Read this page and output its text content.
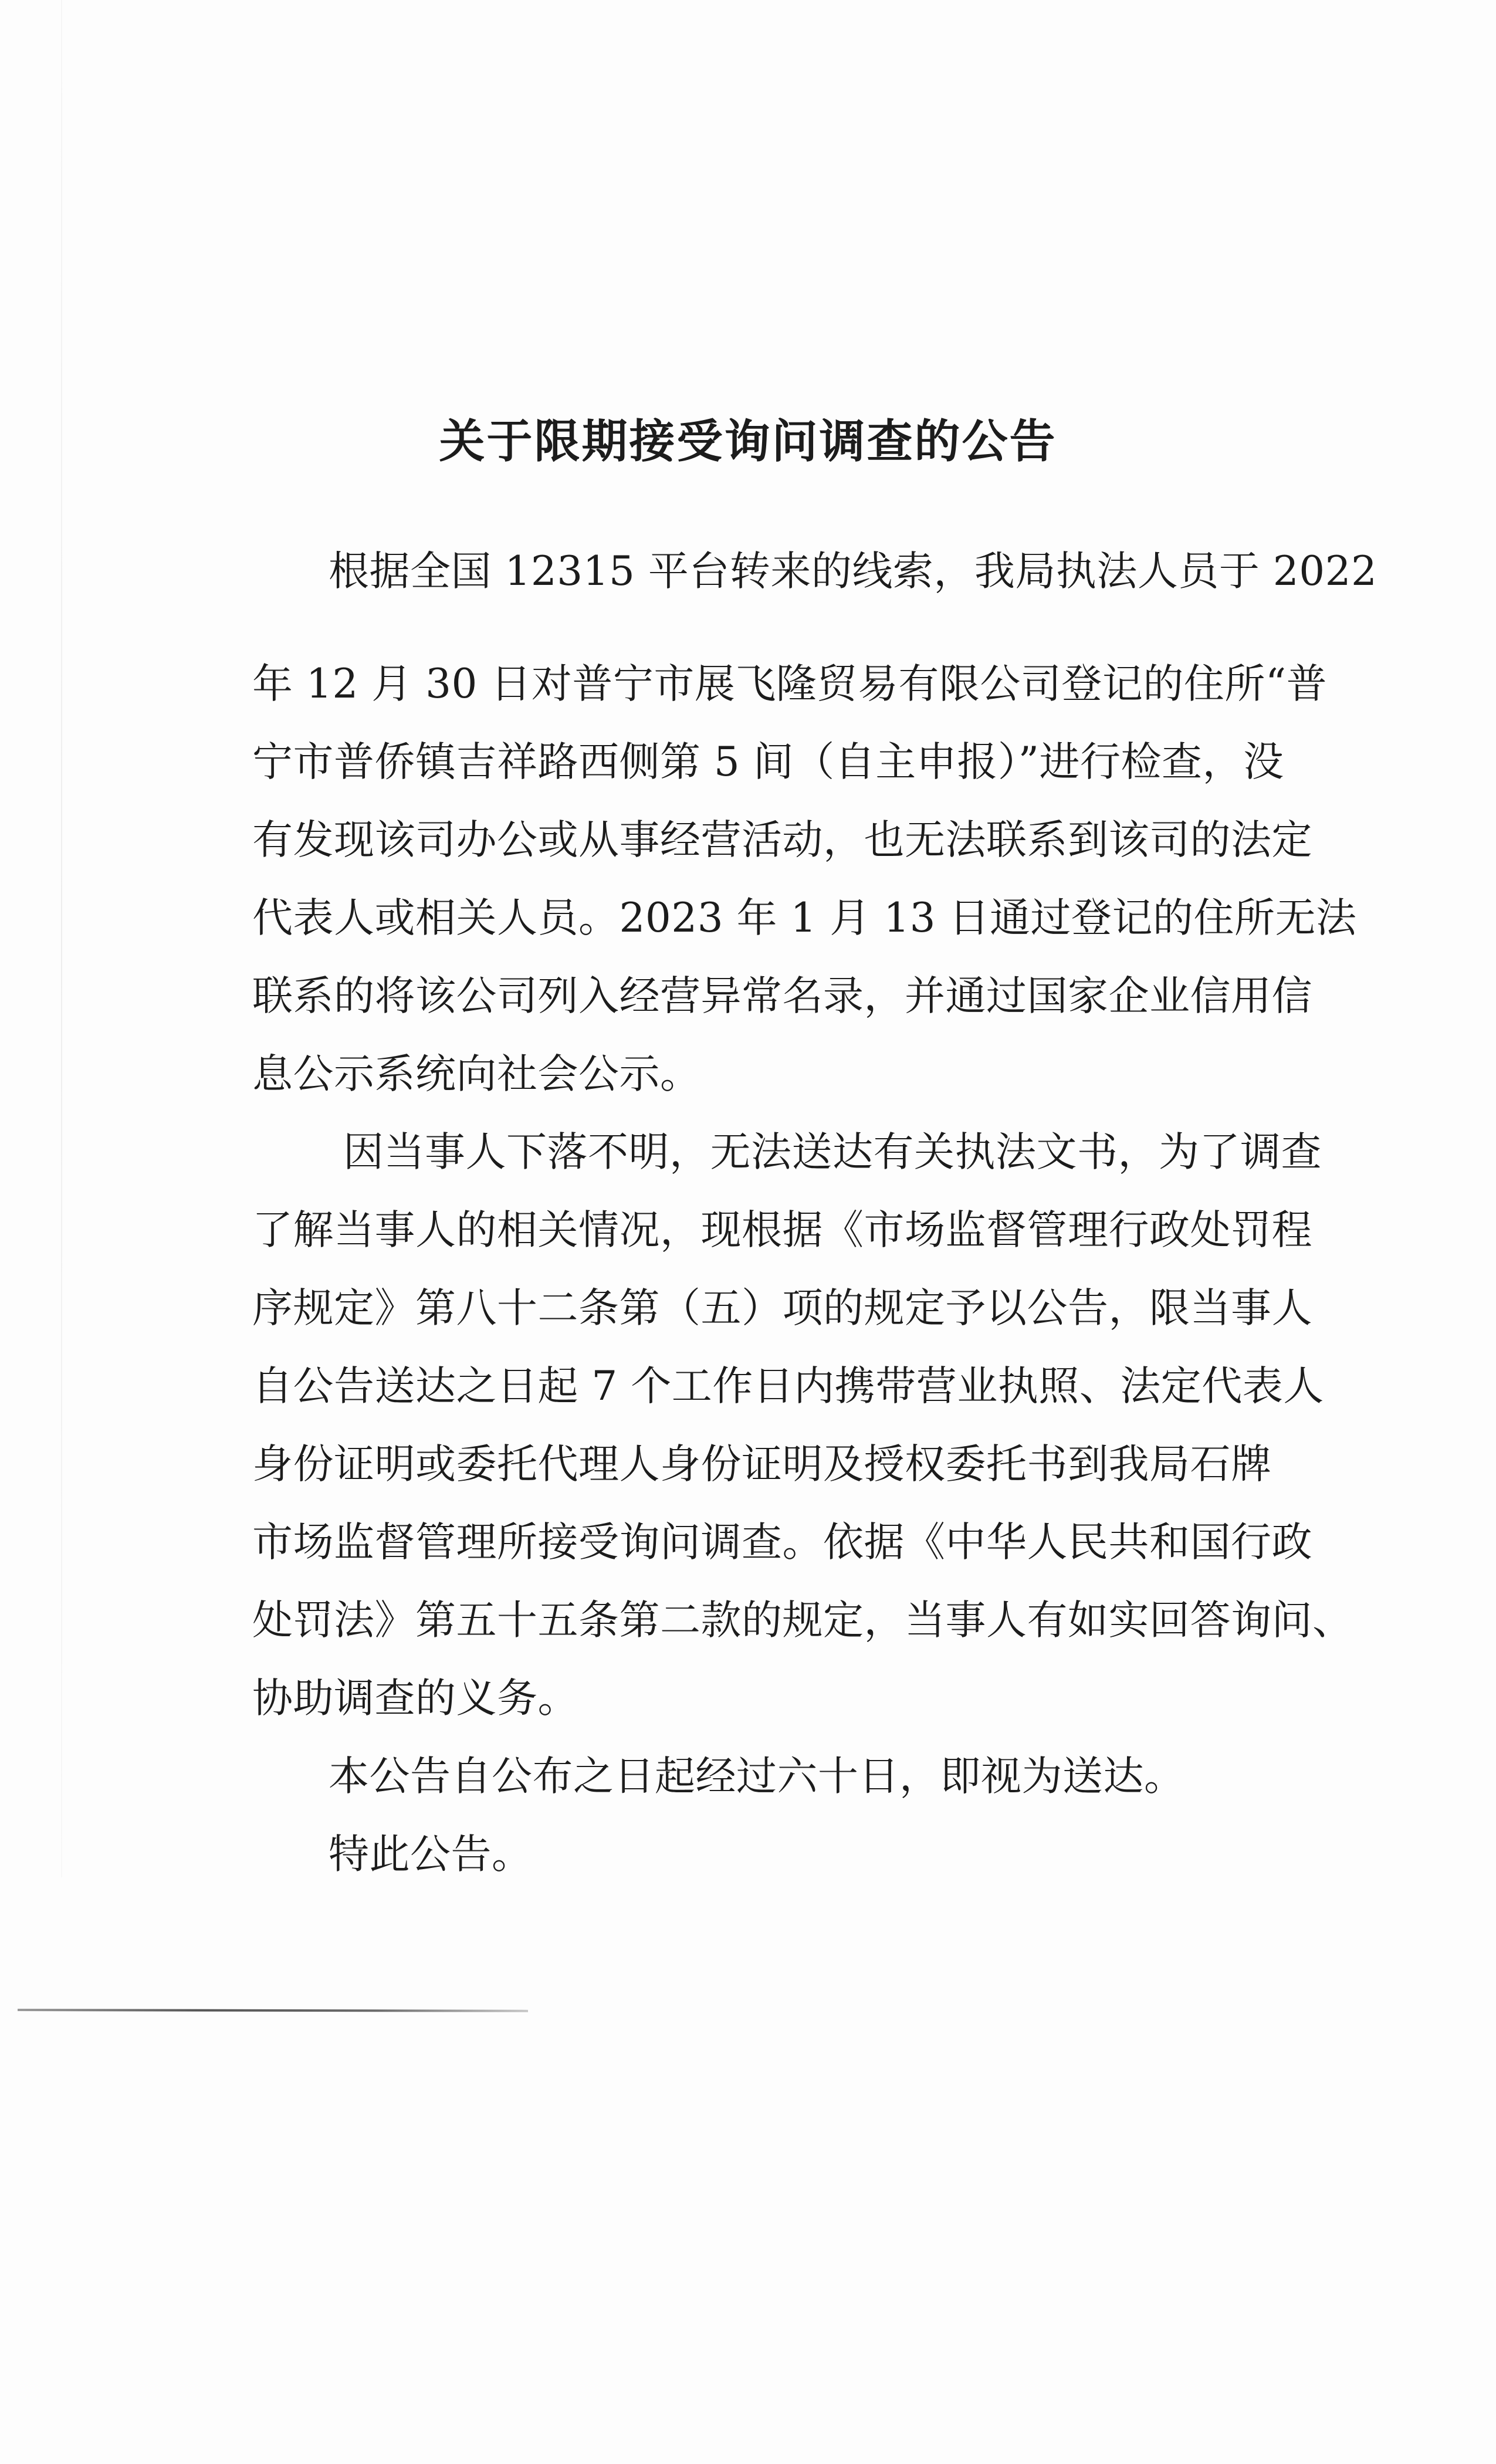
关于限期接受询问调查的公告
根据全国 12315 平台转来的线索，我局执法人员于 2022
年 12 月 30 日对普宁市展飞隆贸易有限公司登记的住所“普
宁市普侨镇吉祥路西侧第 5 间（自主申报）”进行检查，没
有发现该司办公或从事经营活动，也无法联系到该司的法定
代表人或相关人员。2023 年 1 月 13 日通过登记的住所无法
联系的将该公司列入经营异常名录，并通过国家企业信用信
息公示系统向社会公示。
因当事人下落不明，无法送达有关执法文书，为了调查
了解当事人的相关情况，现根据《市场监督管理行政处罚程
序规定》第八十二条第（五）项的规定予以公告，限当事人
自公告送达之日起 7 个工作日内携带营业执照、法定代表人
身份证明或委托代理人身份证明及授权委托书到我局石牌
市场监督管理所接受询问调查。依据《中华人民共和国行政
处罚法》第五十五条第二款的规定，当事人有如实回答询问、
协助调查的义务。
本公告自公布之日起经过六十日，即视为送达。
特此公告。
